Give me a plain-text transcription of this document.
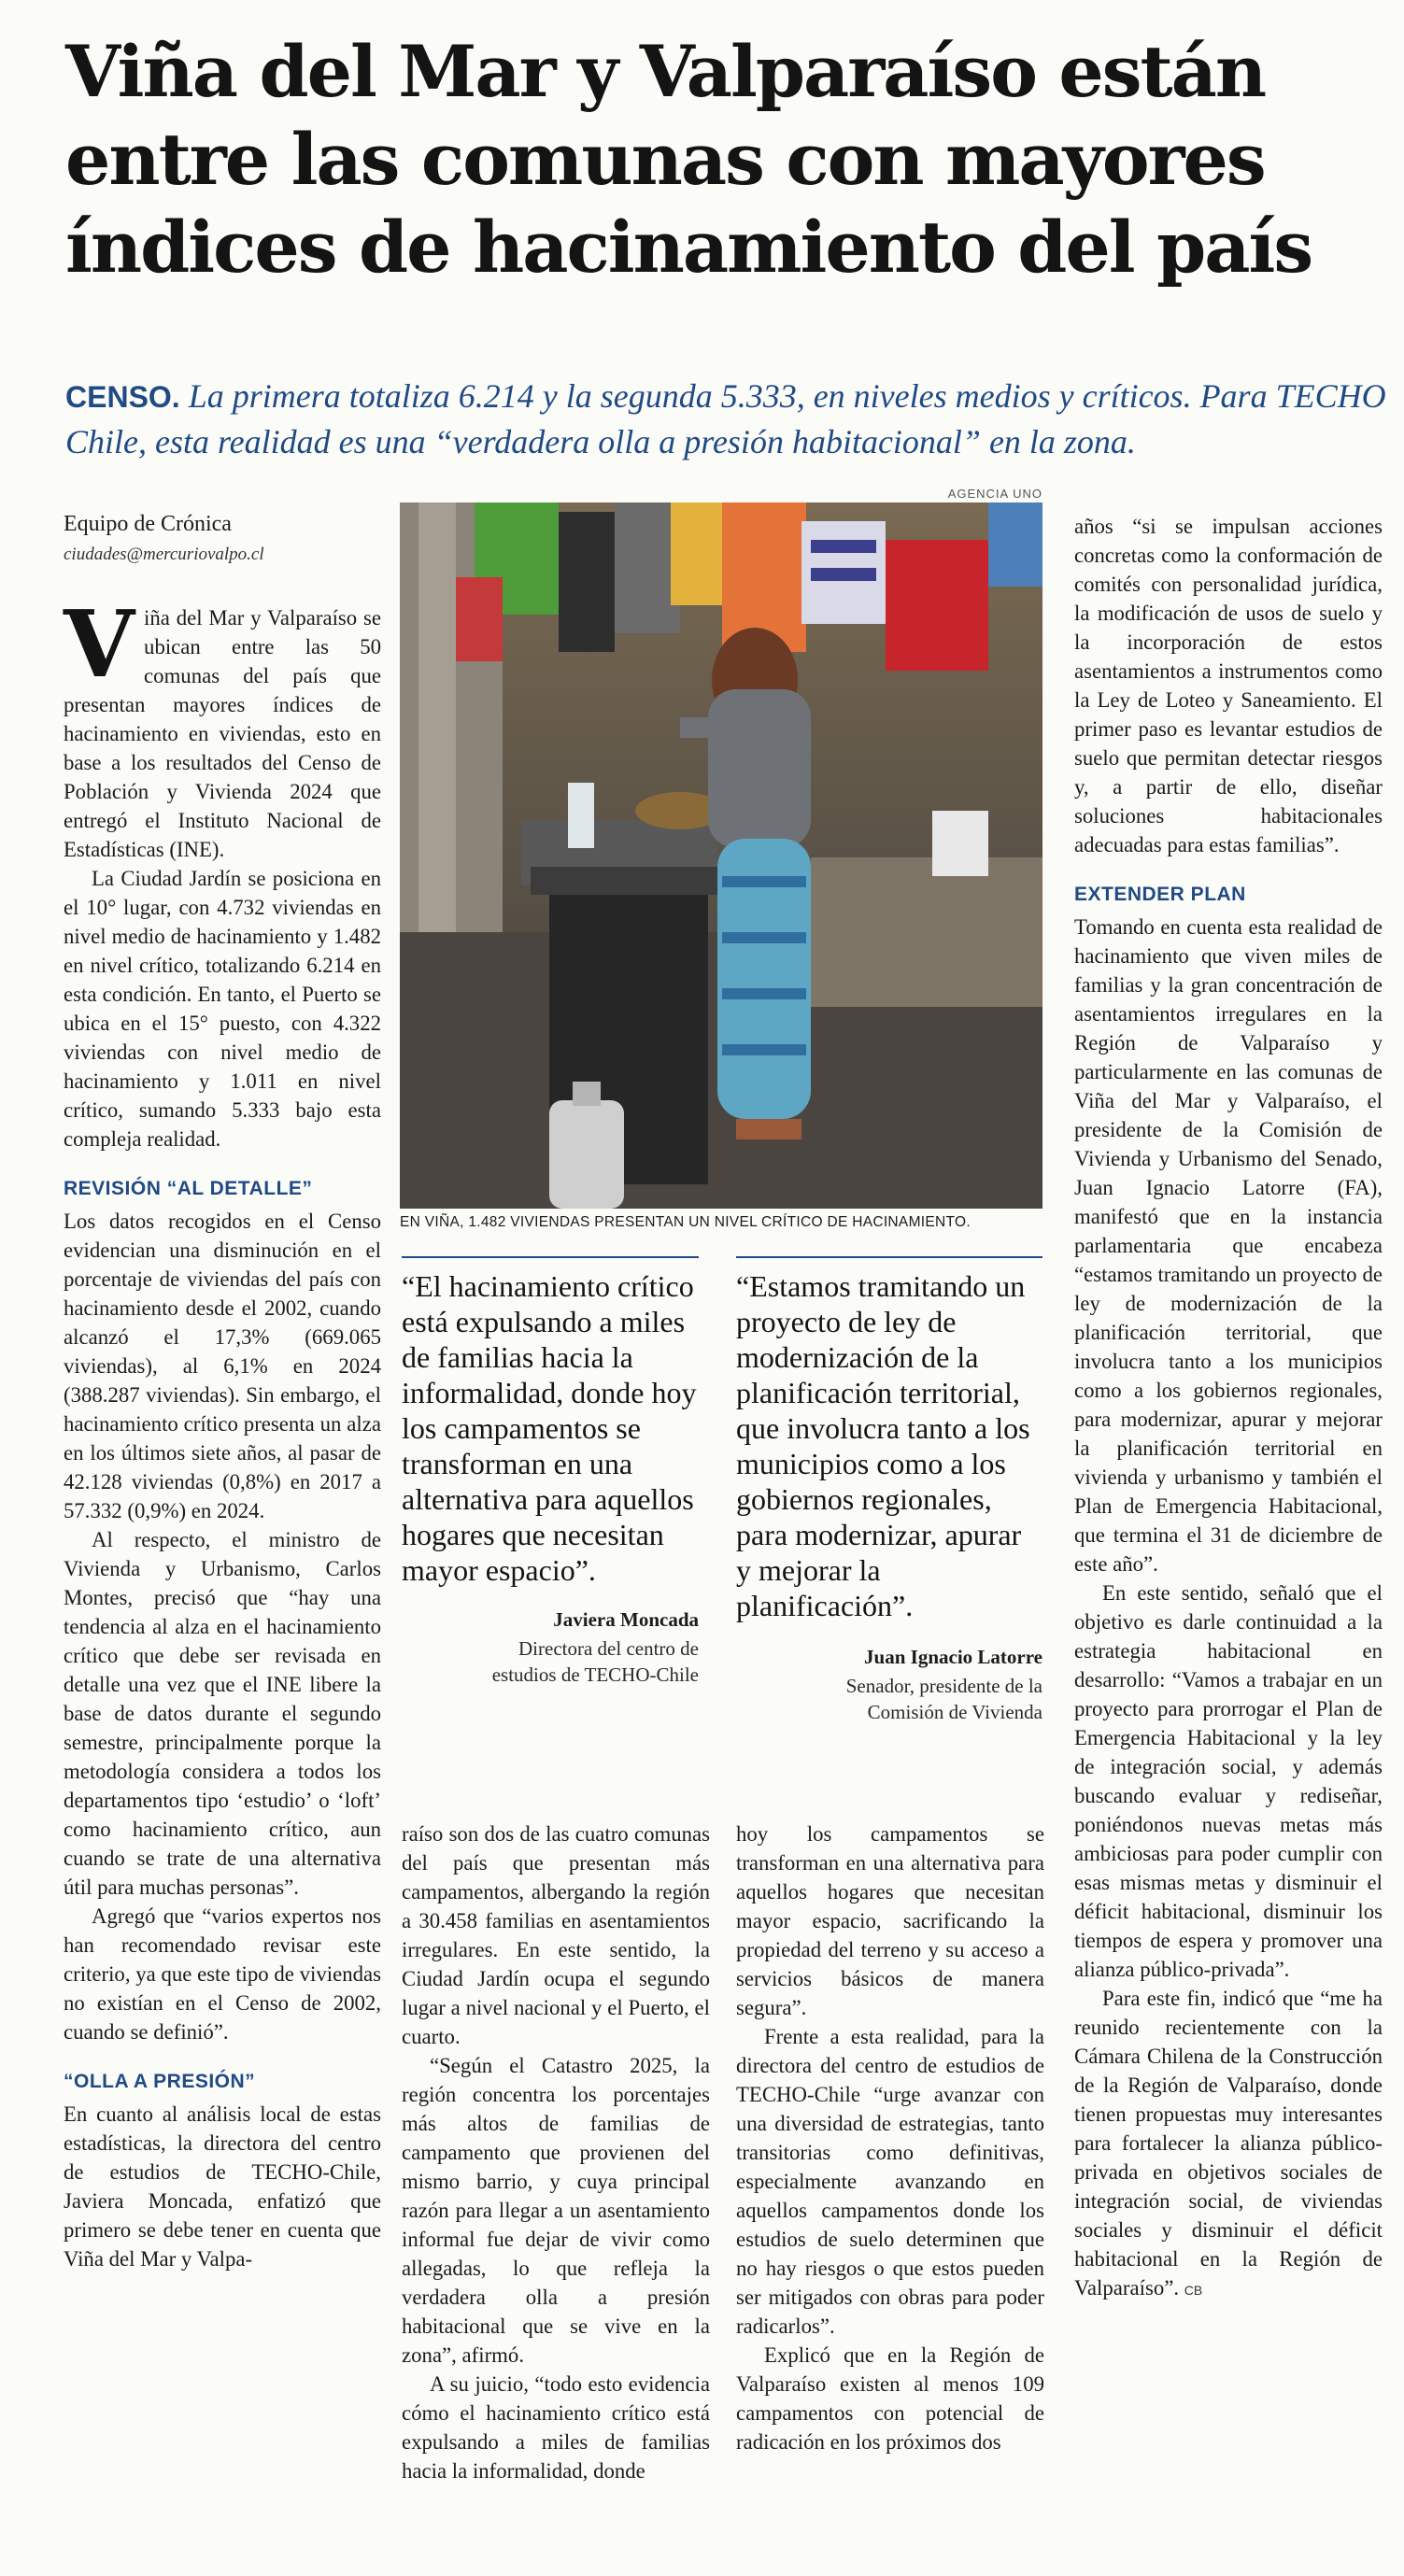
Viña del Mar y Valparaíso están
entre las comunas con mayores
índices de hacinamiento del país
CENSO. La primera totaliza 6.214 y la segunda 5.333, en niveles medios y críticos. Para TECHO Chile, esta realidad es una “verdadera olla a presión habitacional” en la zona.
Equipo de Crónica
ciudades@mercuriovalpo.cl
AGENCIA UNO
EN VIÑA, 1.482 VIVIENDAS PRESENTAN UN NIVEL CRÍTICO DE HACINAMIENTO.

Viña del Mar y Valparaíso se ubican entre las 50 comunas del país que presentan mayores índices de hacinamiento en viviendas, esto en base a los resultados del Censo de Población y Vivienda 2024 que entregó el Instituto Nacional de Estadísticas (INE).

La Ciudad Jardín se posiciona en el 10° lugar, con 4.732 viviendas en nivel medio de hacinamiento y 1.482 en nivel crítico, totalizando 6.214 en esta condición. En tanto, el Puerto se ubica en el 15° puesto, con 4.322 viviendas con nivel medio de hacinamiento y 1.011 en nivel crítico, sumando 5.333 bajo esta compleja realidad.

REVISIÓN “AL DETALLE”

Los datos recogidos en el Censo evidencian una disminución en el porcentaje de viviendas del país con hacinamiento desde el 2002, cuando alcanzó el 17,3% (669.065 viviendas), al 6,1% en 2024 (388.287 viviendas). Sin embargo, el hacinamiento crítico presenta un alza en los últimos siete años, al pasar de 42.128 viviendas (0,8%) en 2017 a 57.332 (0,9%) en 2024.

Al respecto, el ministro de Vivienda y Urbanismo, Carlos Montes, precisó que “hay una tendencia al alza en el hacinamiento crítico que debe ser revisada en detalle una vez que el INE libere la base de datos durante el segundo semestre, principalmente porque la metodología considera a todos los departamentos tipo ‘estudio’ o ‘loft’ como hacinamiento crítico, aun cuando se trate de una alternativa útil para muchas personas”.

Agregó que “varios expertos nos han recomendado revisar este criterio, ya que este tipo de viviendas no existían en el Censo de 2002, cuando se definió”.

“OLLA A PRESIÓN”

En cuanto al análisis local de estas estadísticas, la directora del centro de estudios de TECHO-Chile, Javiera Moncada, enfatizó que primero se debe tener en cuenta que Viña del Mar y Valpa-

“El hacinamiento crítico está expulsando a miles de familias hacia la informalidad, donde hoy los campamentos se transforman en una alternativa para aquellos hogares que necesitan mayor espacio”.
Javiera Moncada
Directora del centro de estudios de TECHO-Chile
“Estamos tramitando un proyecto de ley de modernización de la planificación territorial, que involucra tanto a los municipios como a los gobiernos regionales, para modernizar, apurar y mejorar la planificación”.
Juan Ignacio Latorre
Senador, presidente de la Comisión de Vivienda

raíso son dos de las cuatro comunas del país que presentan más campamentos, albergando la región a 30.458 familias en asentamientos irregulares. En este sentido, la Ciudad Jardín ocupa el segundo lugar a nivel nacional y el Puerto, el cuarto.

“Según el Catastro 2025, la región concentra los porcentajes más altos de familias de campamento que provienen del mismo barrio, y cuya principal razón para llegar a un asentamiento informal fue dejar de vivir como allegadas, lo que refleja la verdadera olla a presión habitacional que se vive en la zona”, afirmó.

A su juicio, “todo esto evidencia cómo el hacinamiento crítico está expulsando a miles de familias hacia la informalidad, donde

hoy los campamentos se transforman en una alternativa para aquellos hogares que necesitan mayor espacio, sacrificando la propiedad del terreno y su acceso a servicios básicos de manera segura”.

Frente a esta realidad, para la directora del centro de estudios de TECHO-Chile “urge avanzar con una diversidad de estrategias, tanto transitorias como definitivas, especialmente avanzando en aquellos campamentos donde los estudios de suelo determinen que no hay riesgos o que estos pueden ser mitigados con obras para poder radicarlos”.

Explicó que en la Región de Valparaíso existen al menos 109 campamentos con potencial de radicación en los próximos dos

años “si se impulsan acciones concretas como la conformación de comités con personalidad jurídica, la modificación de usos de suelo y la incorporación de estos asentamientos a instrumentos como la Ley de Loteo y Saneamiento. El primer paso es levantar estudios de suelo que permitan detectar riesgos y, a partir de ello, diseñar soluciones habitacionales adecuadas para estas familias”.

EXTENDER PLAN

Tomando en cuenta esta realidad de hacinamiento que viven miles de familias y la gran concentración de asentamientos irregulares en la Región de Valparaíso y particularmente en las comunas de Viña del Mar y Valparaíso, el presidente de la Comisión de Vivienda y Urbanismo del Senado, Juan Ignacio Latorre (FA), manifestó que en la instancia parlamentaria que encabeza “estamos tramitando un proyecto de ley de modernización de la planificación territorial, que involucra tanto a los municipios como a los gobiernos regionales, para modernizar, apurar y mejorar la planificación territorial en vivienda y urbanismo y también el Plan de Emergencia Habitacional, que termina el 31 de diciembre de este año”.

En este sentido, señaló que el objetivo es darle continuidad a la estrategia habitacional en desarrollo: “Vamos a trabajar en un proyecto para prorrogar el Plan de Emergencia Habitacional y la ley de integración social, y además buscando evaluar y rediseñar, poniéndonos nuevas metas más ambiciosas para poder cumplir con esas mismas metas y disminuir el déficit habitacional, disminuir los tiempos de espera y promover una alianza público-privada”.

Para este fin, indicó que “me ha reunido recientemente con la Cámara Chilena de la Construcción de la Región de Valparaíso, donde tienen propuestas muy interesantes para fortalecer la alianza público-privada en objetivos sociales de integración social, de viviendas sociales y disminuir el déficit habitacional en la Región de Valparaíso”. CB
